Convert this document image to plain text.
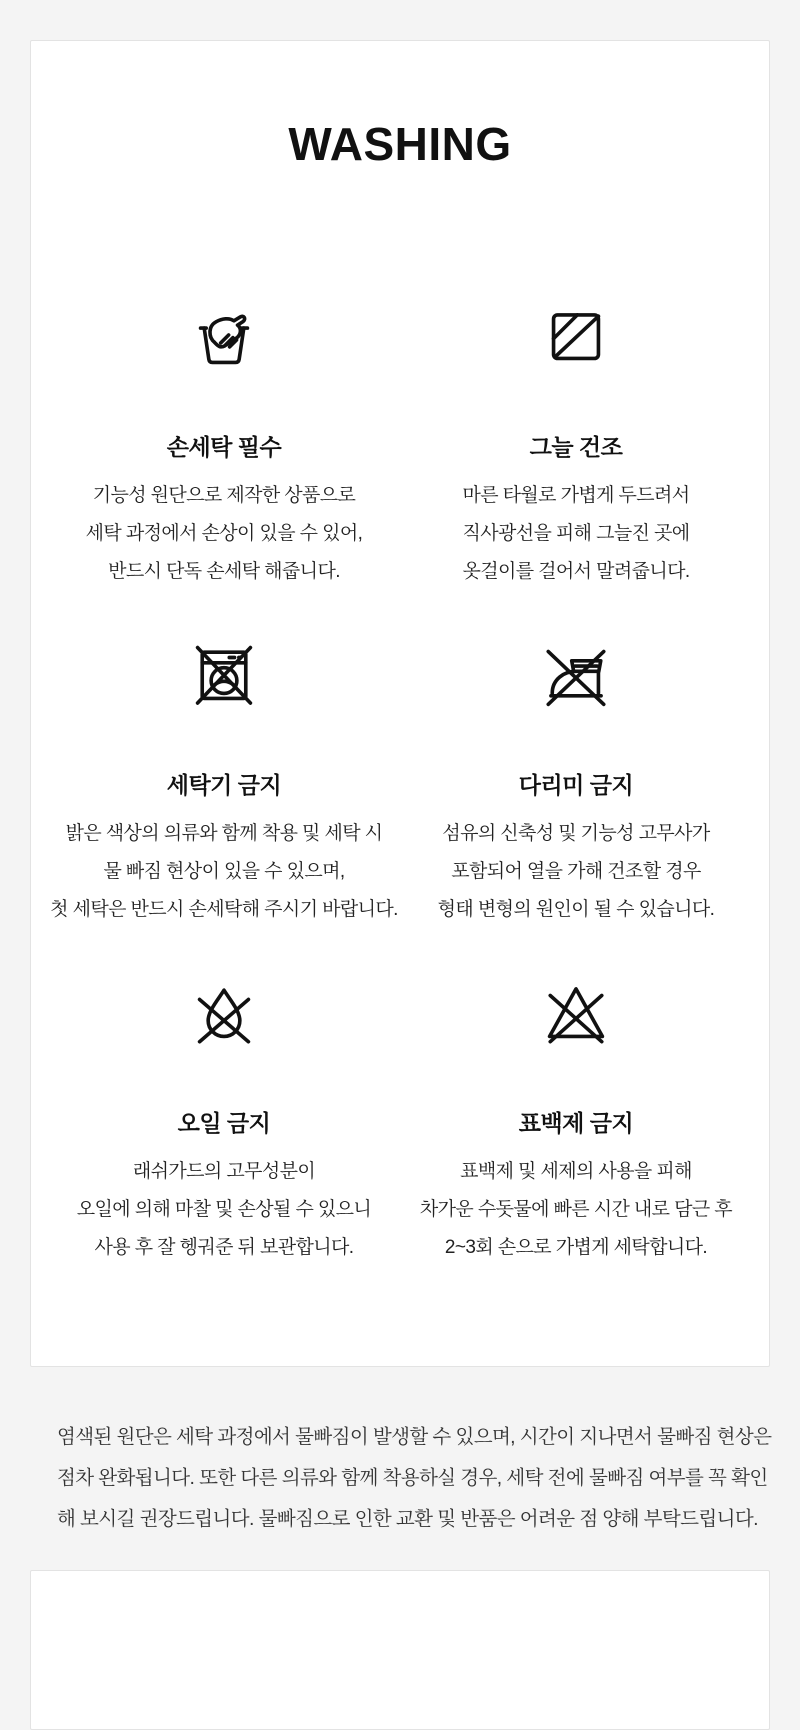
WASHING
손세탁 필수
기능성 원단으로 제작한 상품으로
세탁 과정에서 손상이 있을 수 있어,
반드시 단독 손세탁 해줍니다.
그늘 건조
마른 타월로 가볍게 두드려서
직사광선을 피해 그늘진 곳에
옷걸이를 걸어서 말려줍니다.
세탁기 금지
밝은 색상의 의류와 함께 착용 및 세탁 시
물 빠짐 현상이 있을 수 있으며,
첫 세탁은 반드시 손세탁해 주시기 바랍니다.
다리미 금지
섬유의 신축성 및 기능성 고무사가
포함되어 열을 가해 건조할 경우
형태 변형의 원인이 될 수 있습니다.
오일 금지
래쉬가드의 고무성분이
오일에 의해 마찰 및 손상될 수 있으니
사용 후 잘 헹궈준 뒤 보관합니다.
표백제 금지
표백제 및 세제의 사용을 피해
차가운 수돗물에 빠른 시간 내로 담근 후
2~3회 손으로 가볍게 세탁합니다.
염색된 원단은 세탁 과정에서 물빠짐이 발생할 수 있으며, 시간이 지나면서 물빠짐 현상은
점차 완화됩니다. 또한 다른 의류와 함께 착용하실 경우, 세탁 전에 물빠짐 여부를 꼭 확인
해 보시길 권장드립니다. 물빠짐으로 인한 교환 및 반품은 어려운 점 양해 부탁드립니다.
